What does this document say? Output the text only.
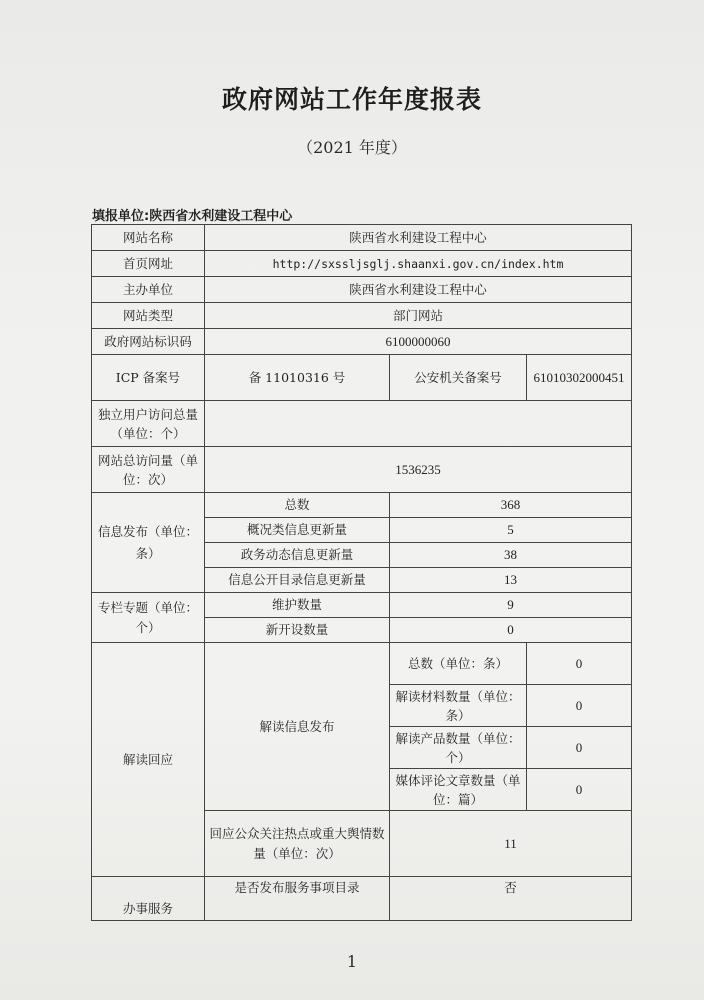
政府网站工作年度报表
（2021 年度）
填报单位:陕西省水利建设工程中心
网站名称	陕西省水利建设工程中心		
首页网址	http://sxssljsglj.shaanxi.gov.cn/index.htm		
主办单位	陕西省水利建设工程中心		
网站类型	部门网站		
政府网站标识码	6100000060		
ICP 备案号	备 11010316 号	公安机关备案号	61010302000451
独立用户访问总量（单位：个）			
网站总访问量（单位：次）	1536235		
信息发布（单位：条）	总数	368	
	概况类信息更新量	5	
	政务动态信息更新量	38	
	信息公开目录信息更新量	13	
专栏专题（单位：个）	维护数量	9	
	新开设数量	0	
解读回应	解读信息发布	总数（单位：条）	0
		解读材料数量（单位：条）	0
		解读产品数量（单位：个）	0
		媒体评论文章数量（单位：篇）	0
	回应公众关注热点或重大舆情数量（单位：次）	11	
办事服务	是否发布服务事项目录	否	
1
